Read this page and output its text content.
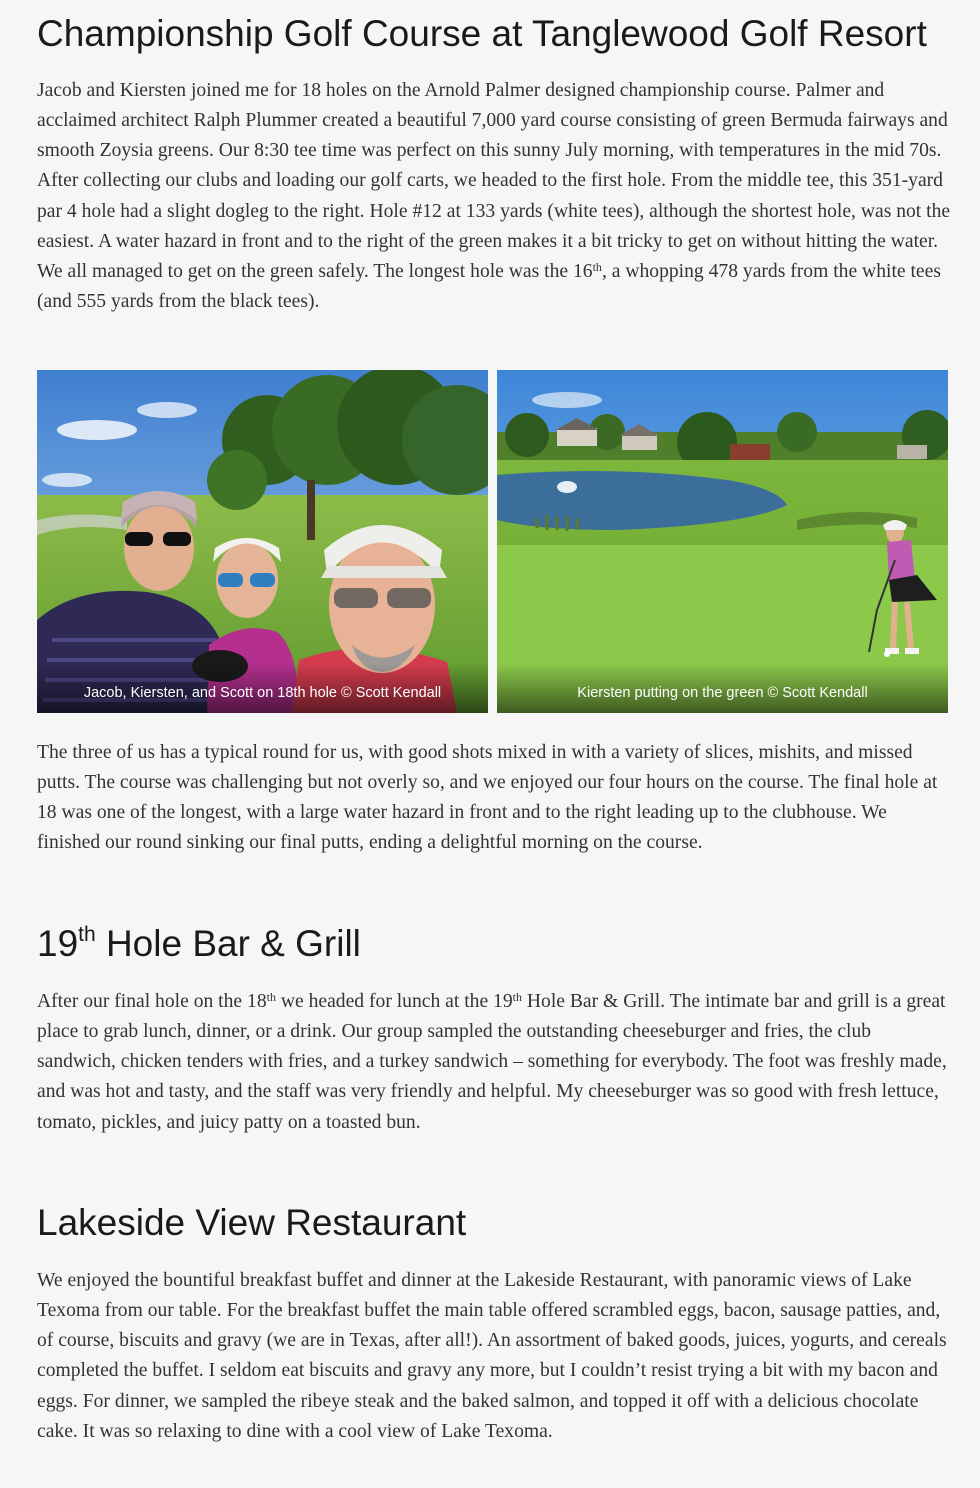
Championship Golf Course at Tanglewood Golf Resort

Jacob and Kiersten joined me for 18 holes on the Arnold Palmer designed championship course. Palmer and acclaimed architect Ralph Plummer created a beautiful 7,000 yard course consisting of green Bermuda fairways and smooth Zoysia greens. Our 8:30 tee time was perfect on this sunny July morning, with temperatures in the mid 70s. After collecting our clubs and loading our golf carts, we headed to the first hole. From the middle tee, this 351-yard par 4 hole had a slight dogleg to the right. Hole #12 at 133 yards (white tees), although the shortest hole, was not the easiest. A water hazard in front and to the right of the green makes it a bit tricky to get on without hitting the water. We all managed to get on the green safely. The longest hole was the 16th, a whopping 478 yards from the white tees (and 555 yards from the black tees).

Jacob, Kiersten, and Scott on 18th hole © Scott Kendall	Kiersten putting on the green © Scott Kendall

The three of us has a typical round for us, with good shots mixed in with a variety of slices, mishits, and missed putts. The course was challenging but not overly so, and we enjoyed our four hours on the course. The final hole at 18 was one of the longest, with a large water hazard in front and to the right leading up to the clubhouse. We finished our round sinking our final putts, ending a delightful morning on the course.

19th Hole Bar & Grill

After our final hole on the 18th we headed for lunch at the 19th Hole Bar & Grill. The intimate bar and grill is a great place to grab lunch, dinner, or a drink. Our group sampled the outstanding cheeseburger and fries, the club sandwich, chicken tenders with fries, and a turkey sandwich – something for everybody. The foot was freshly made, and was hot and tasty, and the staff was very friendly and helpful. My cheeseburger was so good with fresh lettuce, tomato, pickles, and juicy patty on a toasted bun.

Lakeside View Restaurant

We enjoyed the bountiful breakfast buffet and dinner at the Lakeside Restaurant, with panoramic views of Lake Texoma from our table. For the breakfast buffet the main table offered scrambled eggs, bacon, sausage patties, and, of course, biscuits and gravy (we are in Texas, after all!). An assortment of baked goods, juices, yogurts, and cereals completed the buffet. I seldom eat biscuits and gravy any more, but I couldn’t resist trying a bit with my bacon and eggs. For dinner, we sampled the ribeye steak and the baked salmon, and topped it off with a delicious chocolate cake. It was so relaxing to dine with a cool view of Lake Texoma.
